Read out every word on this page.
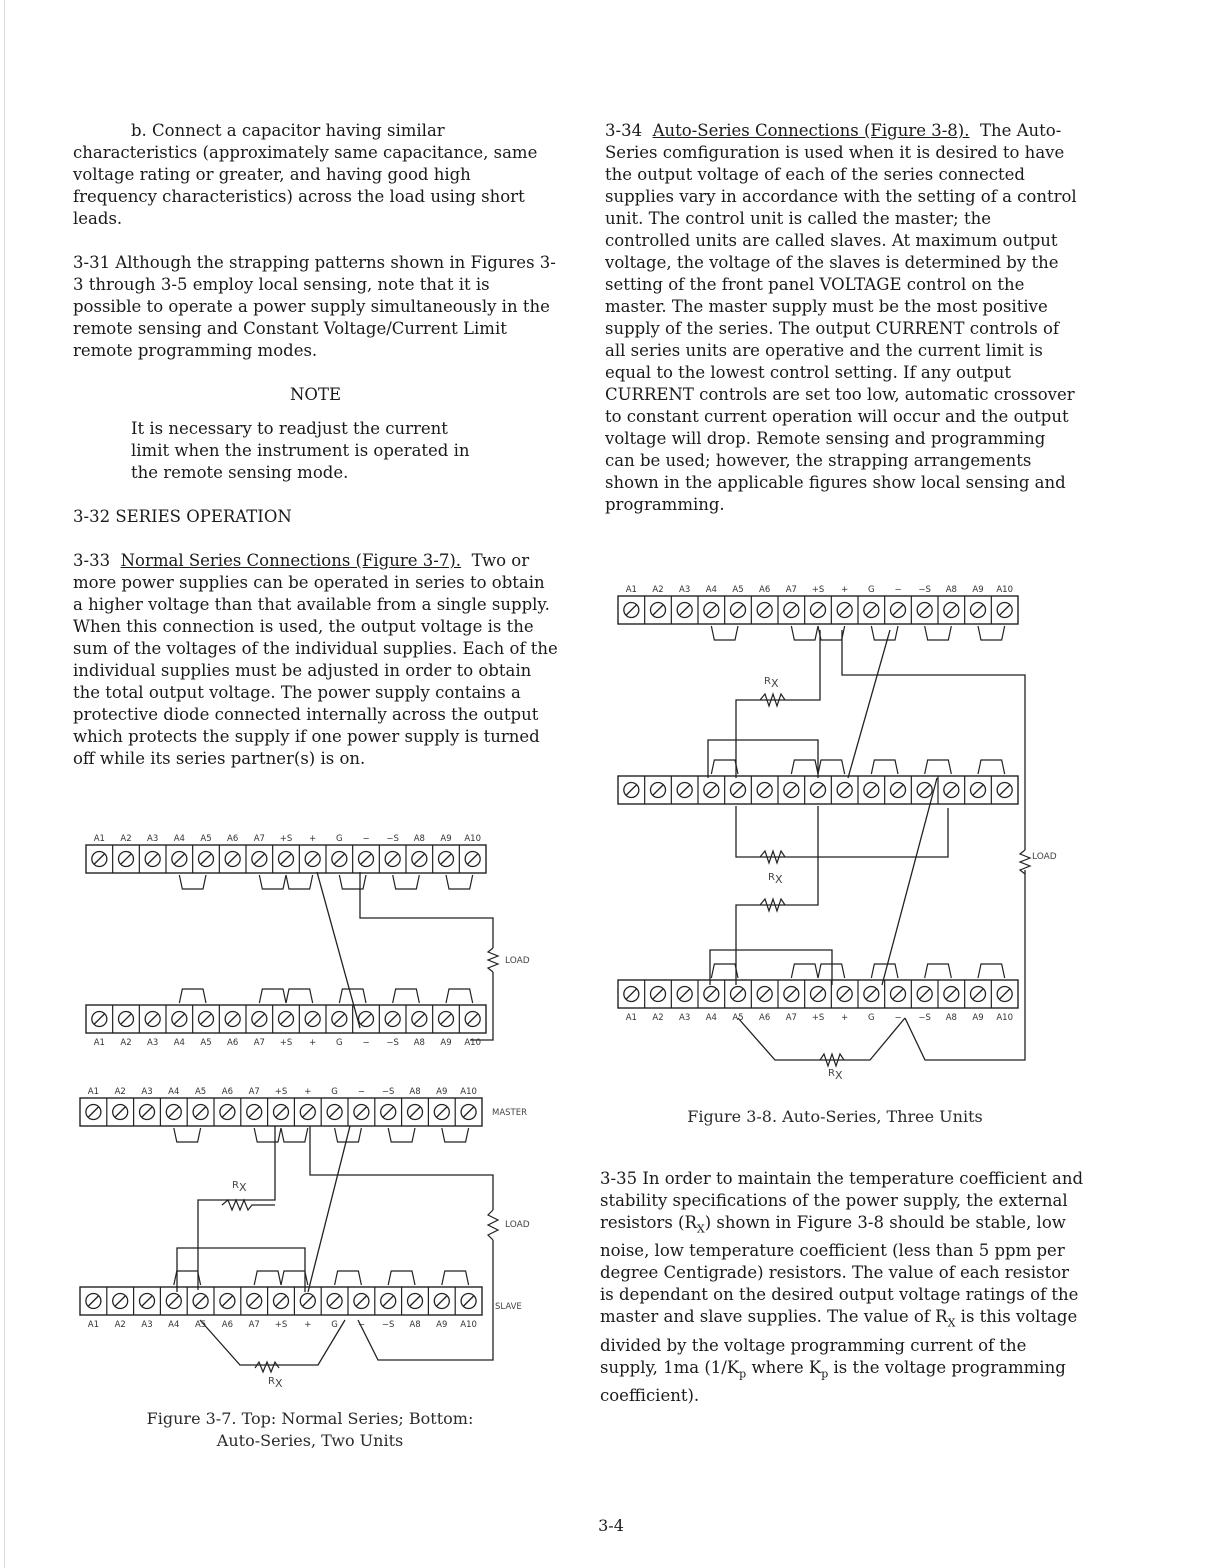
b. Connect a capacitor having similar characteristics (approximately same capacitance, same voltage rating or greater, and having good high frequency characteristics) across the load using short leads.

3-31 Although the strapping patterns shown in Figures 3-3 through 3-5 employ local sensing, note that it is possible to operate a power supply simultaneously in the remote sensing and Constant Voltage/Current Limit remote programming modes.

NOTE

It is necessary to readjust the current limit when the instrument is operated in the remote sensing mode.

3-32 SERIES OPERATION

3-33 Normal Series Connections (Figure 3-7). Two or more power supplies can be operated in series to obtain a higher voltage than that available from a single supply. When this connection is used, the output voltage is the sum of the voltages of the individual supplies. Each of the individual supplies must be adjusted in order to obtain the total output voltage. The power supply contains a protective diode connected internally across the output which protects the supply if one power supply is turned off while its series partner(s) is on.

3-34 Auto-Series Connections (Figure 3-8). The Auto-Series comfiguration is used when it is desired to have the output voltage of each of the series connected supplies vary in accordance with the setting of a control unit. The control unit is called the master; the controlled units are called slaves. At maximum output voltage, the voltage of the slaves is determined by the setting of the front panel VOLTAGE control on the master. The master supply must be the most positive supply of the series. The output CURRENT controls of all series units are operative and the current limit is equal to the lowest control setting. If any output CURRENT controls are set too low, automatic crossover to constant current operation will occur and the output voltage will drop. Remote sensing and programming can be used; however, the strapping arrangements shown in the applicable figures show local sensing and programming.

3-35 In order to maintain the temperature coefficient and stability specifications of the power supply, the external resistors $(R_X)$ shown in Figure 3-8 should be stable, low noise, low temperature coefficient (less than 5 ppm per degree Centigrade) resistors. The value of each resistor is dependant on the desired output voltage ratings of the master and slave supplies. The value of $R_X$ is this voltage divided by the voltage programming current of the supply, 1ma ($1/K_p$ where $K_p$ is the voltage programming coefficient).

A1 A2 A3 A4 A5 A6 A7 +S + G − −S A8 A9 A10
A1 A2 A3 A4 A5 A6 A7 +S + G − −S A8 A9 A10
A1 A2 A3 A4 A5 A6 A7 +S + G − −S A8 A9 A10
A1 A2 A3 A4 A5 A6 A7 +S + G − −S A8 A9 A10
A1 A2 A3 A4 A5 A6 A7 +S + G − −S A8 A9 A10
A1 A2 A3 A4 A5 A6 A7 +S + G − −S A8 A9 A10
LOAD
MASTER
LOAD
SLAVE
$R_X$
$R_X$
LOAD
$R_X$
$R_X$
$R_X$
Figure 3-7. Top: Normal Series; Bottom:
Auto-Series, Two Units
Figure 3-8. Auto-Series, Three Units
3-4
